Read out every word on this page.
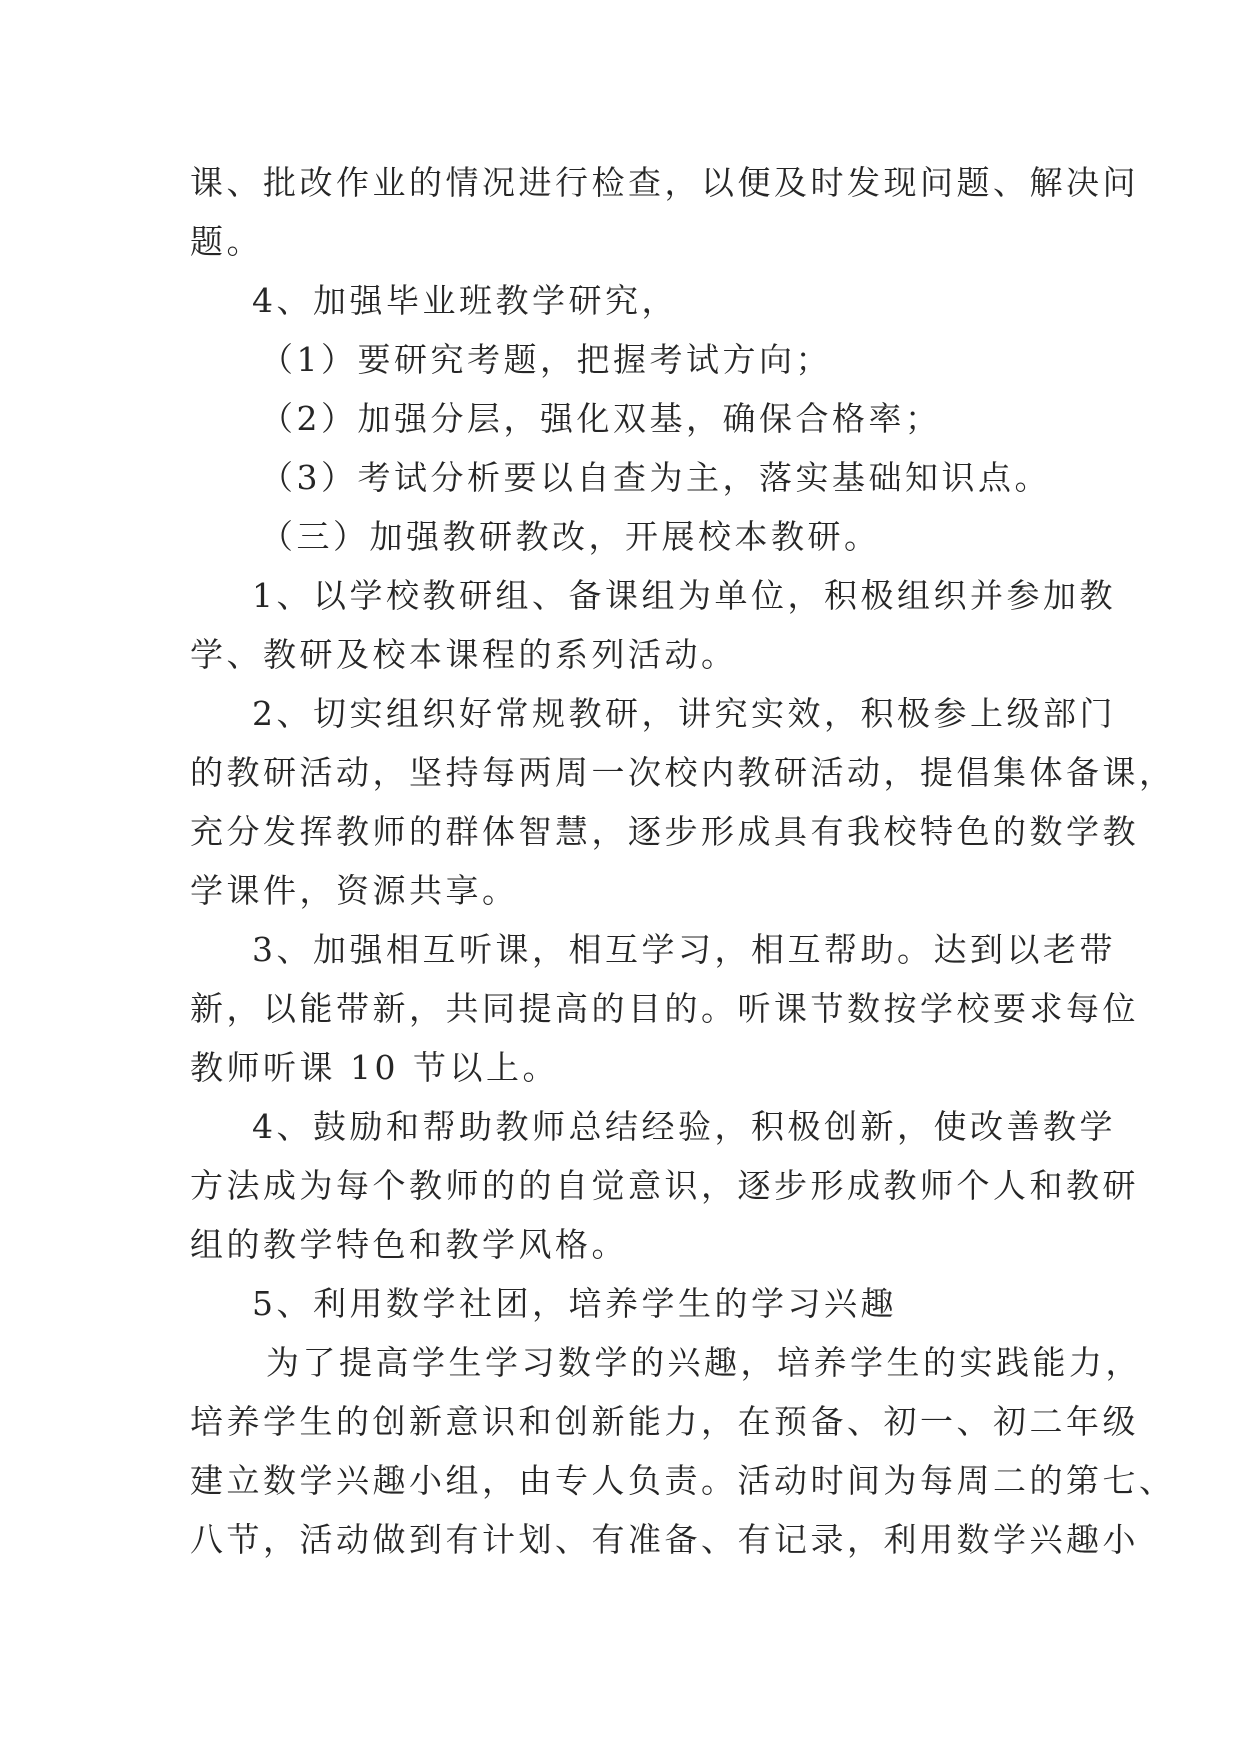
课、批改作业的情况进行检查，以便及时发现问题、解决问
题。
4、加强毕业班教学研究，
（1）要研究考题，把握考试方向；
（2）加强分层，强化双基，确保合格率；
（3）考试分析要以自查为主，落实基础知识点。
（三）加强教研教改，开展校本教研。
1、以学校教研组、备课组为单位，积极组织并参加教
学、教研及校本课程的系列活动。
2、切实组织好常规教研，讲究实效，积极参上级部门
的教研活动，坚持每两周一次校内教研活动，提倡集体备课，
充分发挥教师的群体智慧，逐步形成具有我校特色的数学教
学课件，资源共享。
3、加强相互听课，相互学习，相互帮助。达到以老带
新，以能带新，共同提高的目的。听课节数按学校要求每位
教师听课 10 节以上。
4、鼓励和帮助教师总结经验，积极创新，使改善教学
方法成为每个教师的的自觉意识，逐步形成教师个人和教研
组的教学特色和教学风格。
5、利用数学社团，培养学生的学习兴趣
为了提高学生学习数学的兴趣，培养学生的实践能力，
培养学生的创新意识和创新能力，在预备、初一、初二年级
建立数学兴趣小组，由专人负责。活动时间为每周二的第七、
八节，活动做到有计划、有准备、有记录，利用数学兴趣小
